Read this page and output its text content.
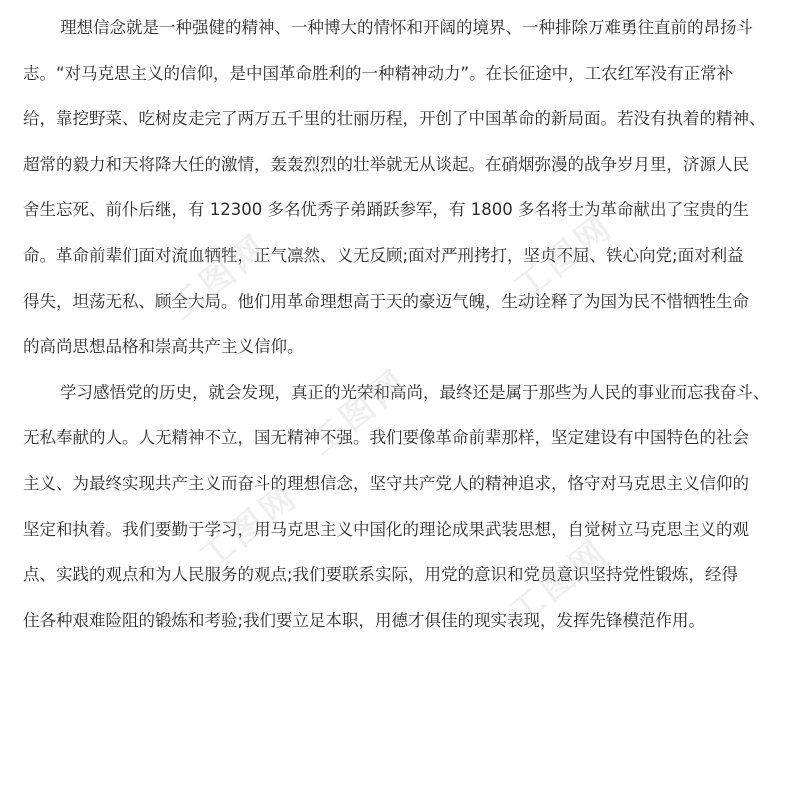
理想信念就是一种强健的精神、一种博大的情怀和开阔的境界、一种排除万难勇往直前的昂扬斗
志。“对马克思主义的信仰，是中国革命胜利的一种精神动力”。在长征途中，工农红军没有正常补
给，靠挖野菜、吃树皮走完了两万五千里的壮丽历程，开创了中国革命的新局面。若没有执着的精神、
超常的毅力和天将降大任的激情，轰轰烈烈的壮举就无从谈起。在硝烟弥漫的战争岁月里，济源人民
舍生忘死、前仆后继，有 12300 多名优秀子弟踊跃参军，有 1800 多名将士为革命献出了宝贵的生
命。革命前辈们面对流血牺牲，正气凛然、义无反顾;面对严刑拷打，坚贞不屈、铁心向党;面对利益
得失，坦荡无私、顾全大局。他们用革命理想高于天的豪迈气魄，生动诠释了为国为民不惜牺牲生命
的高尚思想品格和崇高共产主义信仰。
学习感悟党的历史，就会发现，真正的光荣和高尚，最终还是属于那些为人民的事业而忘我奋斗、
无私奉献的人。人无精神不立，国无精神不强。我们要像革命前辈那样，坚定建设有中国特色的社会
主义、为最终实现共产主义而奋斗的理想信念，坚守共产党人的精神追求，恪守对马克思主义信仰的
坚定和执着。我们要勤于学习，用马克思主义中国化的理论成果武装思想，自觉树立马克思主义的观
点、实践的观点和为人民服务的观点;我们要联系实际，用党的意识和党员意识坚持党性锻炼，经得
住各种艰难险阻的锻炼和考验;我们要立足本职，用德才俱佳的现实表现，发挥先锋模范作用。
工图网	工图网
工图网
工图网
工图网
